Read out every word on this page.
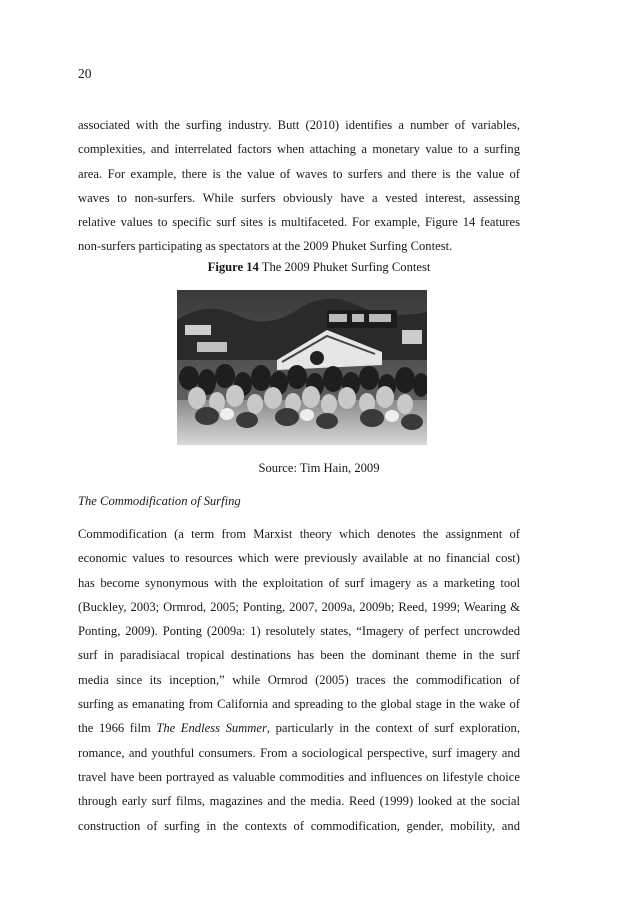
20
associated with the surfing industry. Butt (2010) identifies a number of variables,
complexities, and interrelated factors when attaching a monetary value to a surfing
area. For example, there is the value of waves to surfers and there is the value of
waves to non-surfers. While surfers obviously have a vested interest, assessing
relative values to specific surf sites is multifaceted. For example, Figure 14 features
non-surfers participating as spectators at the 2009 Phuket Surfing Contest.
Figure 14 The 2009 Phuket Surfing Contest
Source: Tim Hain, 2009
The Commodification of Surfing
Commodification (a term from Marxist theory which denotes the assignment of
economic values to resources which were previously available at no financial cost)
has become synonymous with the exploitation of surf imagery as a marketing tool
(Buckley, 2003; Ormrod, 2005; Ponting, 2007, 2009a, 2009b; Reed, 1999; Wearing &
Ponting, 2009). Ponting (2009a: 1) resolutely states, “Imagery of perfect uncrowded
surf in paradisiacal tropical destinations has been the dominant theme in the surf
media since its inception,” while Ormrod (2005) traces the commodification of
surfing as emanating from California and spreading to the global stage in the wake of
the 1966 film The Endless Summer, particularly in the context of surf exploration,
romance, and youthful consumers. From a sociological perspective, surf imagery and
travel have been portrayed as valuable commodities and influences on lifestyle choice
through early surf films, magazines and the media. Reed (1999) looked at the social
construction of surfing in the contexts of commodification, gender, mobility, and
